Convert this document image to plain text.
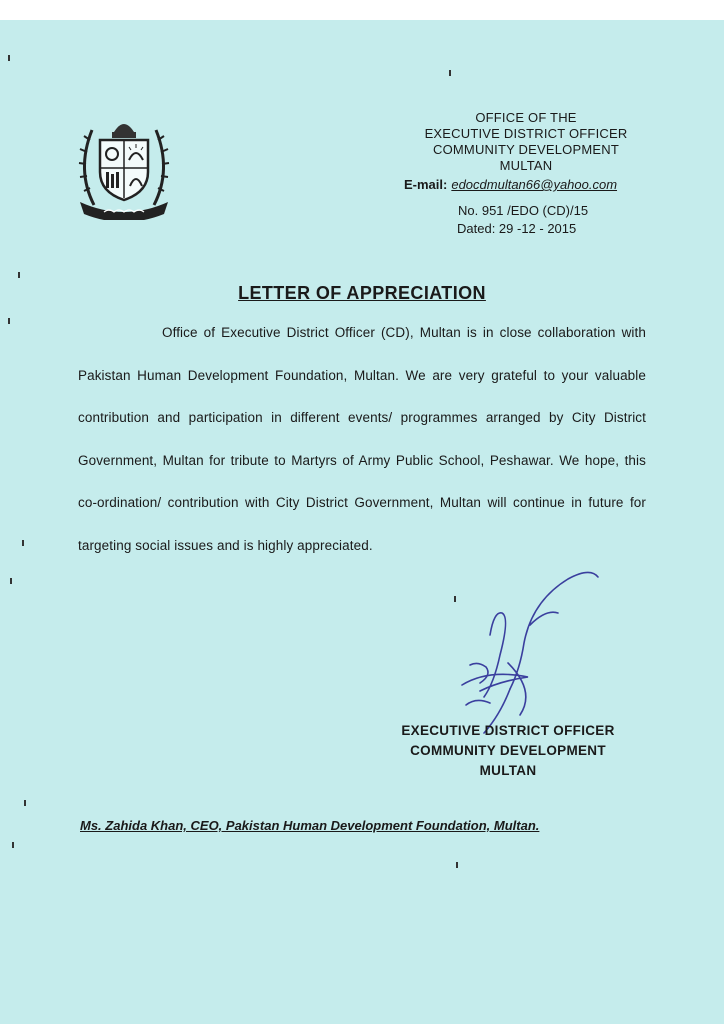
OFFICE OF THE
EXECUTIVE DISTRICT OFFICER
COMMUNITY DEVELOPMENT
MULTAN
E-mail: edocdmultan66@yahoo.com
No. 951 /EDO (CD)/15
Dated: 29 -12 - 2015
LETTER OF APPRECIATION
Office of Executive District Officer (CD), Multan is in close collaboration with Pakistan Human Development Foundation, Multan. We are very grateful to your valuable contribution and participation in different events/ programmes arranged by City District Government, Multan for tribute to Martyrs of Army Public School, Peshawar. We hope, this co-ordination/ contribution with City District Government, Multan will continue in future for targeting social issues and is highly appreciated.
EXECUTIVE DISTRICT OFFICER
COMMUNITY DEVELOPMENT
MULTAN
Ms. Zahida Khan, CEO, Pakistan Human Development Foundation, Multan.
